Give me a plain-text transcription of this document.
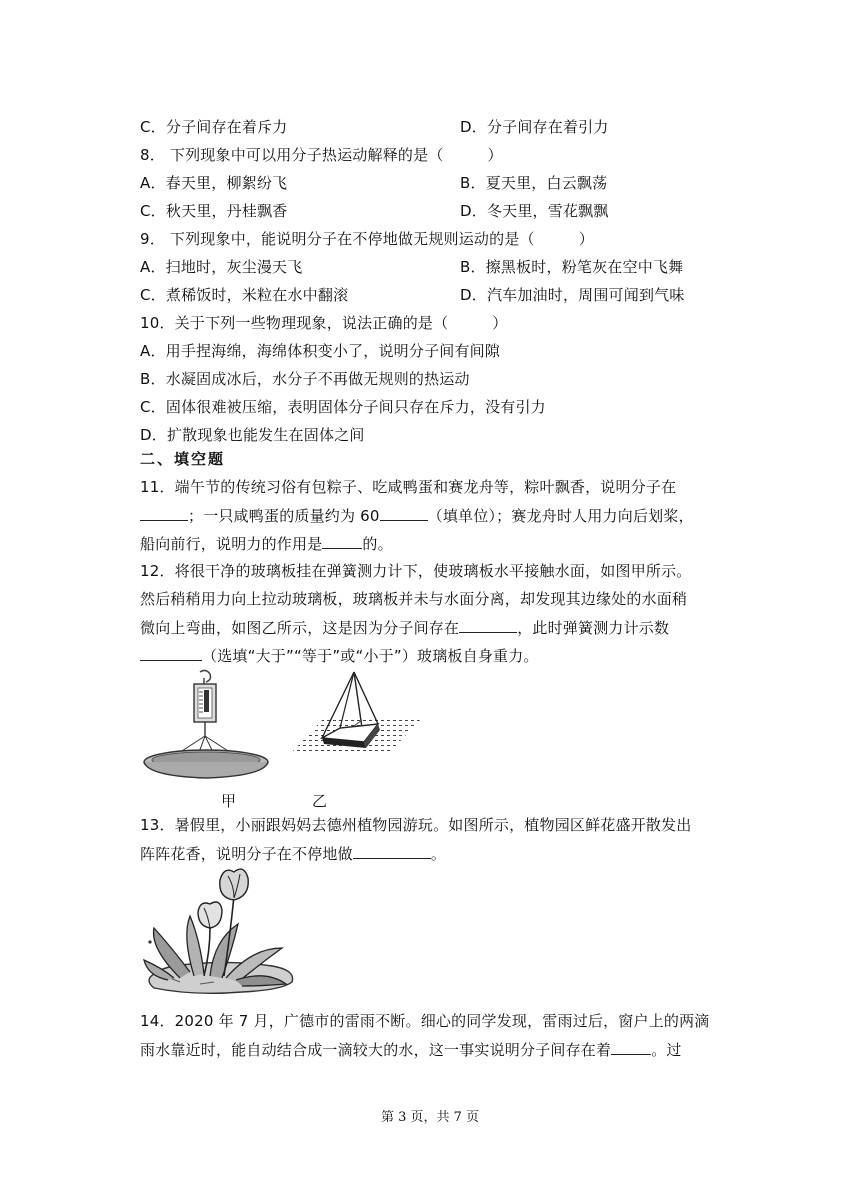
C．分子间存在着斥力	D．分子间存在着引力
8． 下列现象中可以用分子热运动解释的是（	）
A．春天里，柳絮纷飞	B．夏天里，白云飘荡
C．秋天里，丹桂飘香	D．冬天里，雪花飘飘
9． 下列现象中，能说明分子在不停地做无规则运动的是（	）
A．扫地时，灰尘漫天飞	B．擦黑板时，粉笔灰在空中飞舞
C．煮稀饭时，米粒在水中翻滚	D．汽车加油时，周围可闻到气味
10．关于下列一些物理现象，说法正确的是（	）
A．用手捏海绵，海绵体积变小了，说明分子间有间隙
B．水凝固成冰后，水分子不再做无规则的热运动
C．固体很难被压缩，表明固体分子间只存在斥力，没有引力
D．扩散现象也能发生在固体之间
二、填空题
11．端午节的传统习俗有包粽子、吃咸鸭蛋和赛龙舟等，粽叶飘香，说明分子在
；一只咸鸭蛋的质量约为 60	（填单位）；赛龙舟时人用力向后划桨，
船向前行，说明力的作用是	的。
12．将很干净的玻璃板挂在弹簧测力计下，使玻璃板水平接触水面，如图甲所示。
然后稍稍用力向上拉动玻璃板，玻璃板并未与水面分离，却发现其边缘处的水面稍
微向上弯曲，如图乙所示，这是因为分子间存在	，此时弹簧测力计示数
（选填“大于”“等于”或“小于”）玻璃板自身重力。
甲	乙
13．暑假里，小丽跟妈妈去德州植物园游玩。如图所示，植物园区鲜花盛开散发出
阵阵花香，说明分子在不停地做	。
14．2020 年 7 月，广德市的雷雨不断。细心的同学发现，雷雨过后，窗户上的两滴
雨水靠近时，能自动结合成一滴较大的水，这一事实说明分子间存在着	。过
第 3 页，共 7 页
